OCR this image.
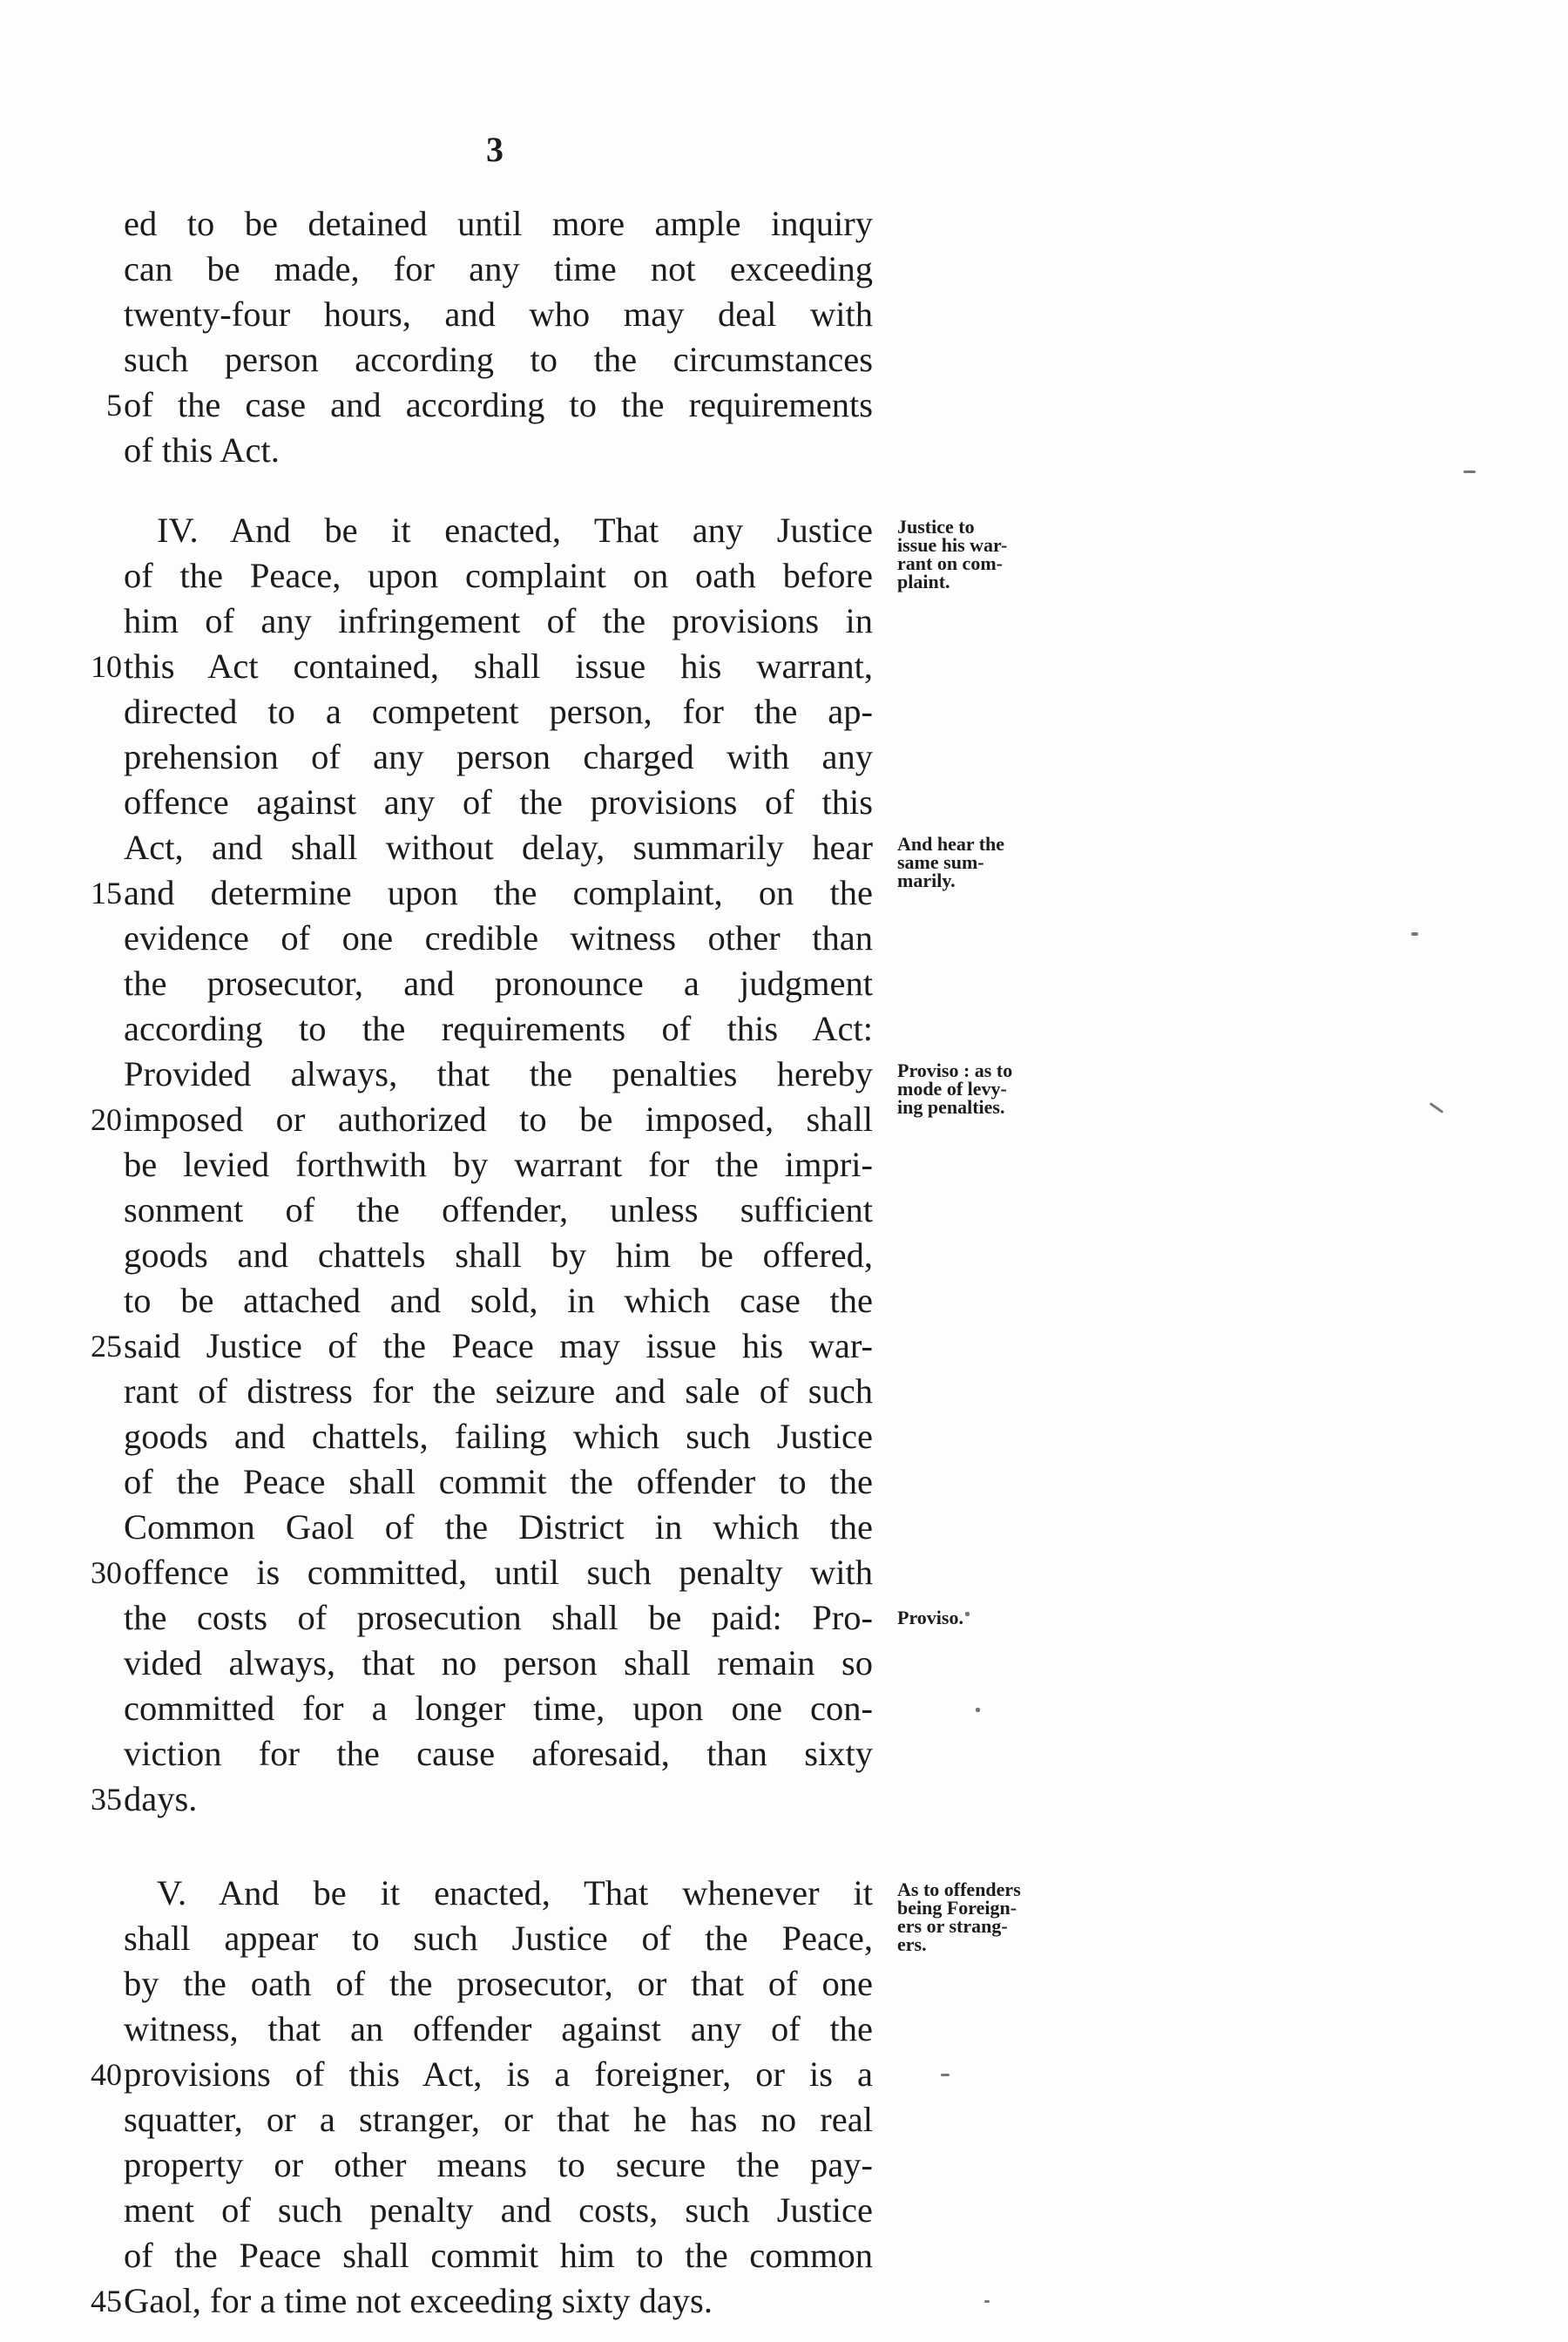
3
ed to be detained until more ample inquiry
can be made, for any time not exceeding
twenty-four hours, and who may deal with
such person according to the circumstances
of the case and according to the requirements
of this Act.
IV. And be it enacted, That any Justice
of the Peace, upon complaint on oath before
him of any infringement of the provisions in
this Act contained, shall issue his warrant,
directed to a competent person, for the ap-
prehension of any person charged with any
offence against any of the provisions of this
Act, and shall without delay, summarily hear
and determine upon the complaint, on the
evidence of one credible witness other than
the prosecutor, and pronounce a judgment
according to the requirements of this Act:
Provided always, that the penalties hereby
imposed or authorized to be imposed, shall
be levied forthwith by warrant for the impri-
sonment of the offender, unless sufficient
goods and chattels shall by him be offered,
to be attached and sold, in which case the
said Justice of the Peace may issue his war-
rant of distress for the seizure and sale of such
goods and chattels, failing which such Justice
of the Peace shall commit the offender to the
Common Gaol of the District in which the
offence is committed, until such penalty with
the costs of prosecution shall be paid: Pro-
vided always, that no person shall remain so
committed for a longer time, upon one con-
viction for the cause aforesaid, than sixty
days.
V. And be it enacted, That whenever it
shall appear to such Justice of the Peace,
by the oath of the prosecutor, or that of one
witness, that an offender against any of the
provisions of this Act, is a foreigner, or is a
squatter, or a stranger, or that he has no real
property or other means to secure the pay-
ment of such penalty and costs, such Justice
of the Peace shall commit him to the common
Gaol, for a time not exceeding sixty days.
5
10
15
20
25
30
35
40
45
Justice to
issue his war-
rant on com-
plaint.
And hear the
same sum-
marily.
Proviso : as to
mode of levy-
ing penalties.
Proviso.
As to offenders
being Foreign-
ers or strang-
ers.
